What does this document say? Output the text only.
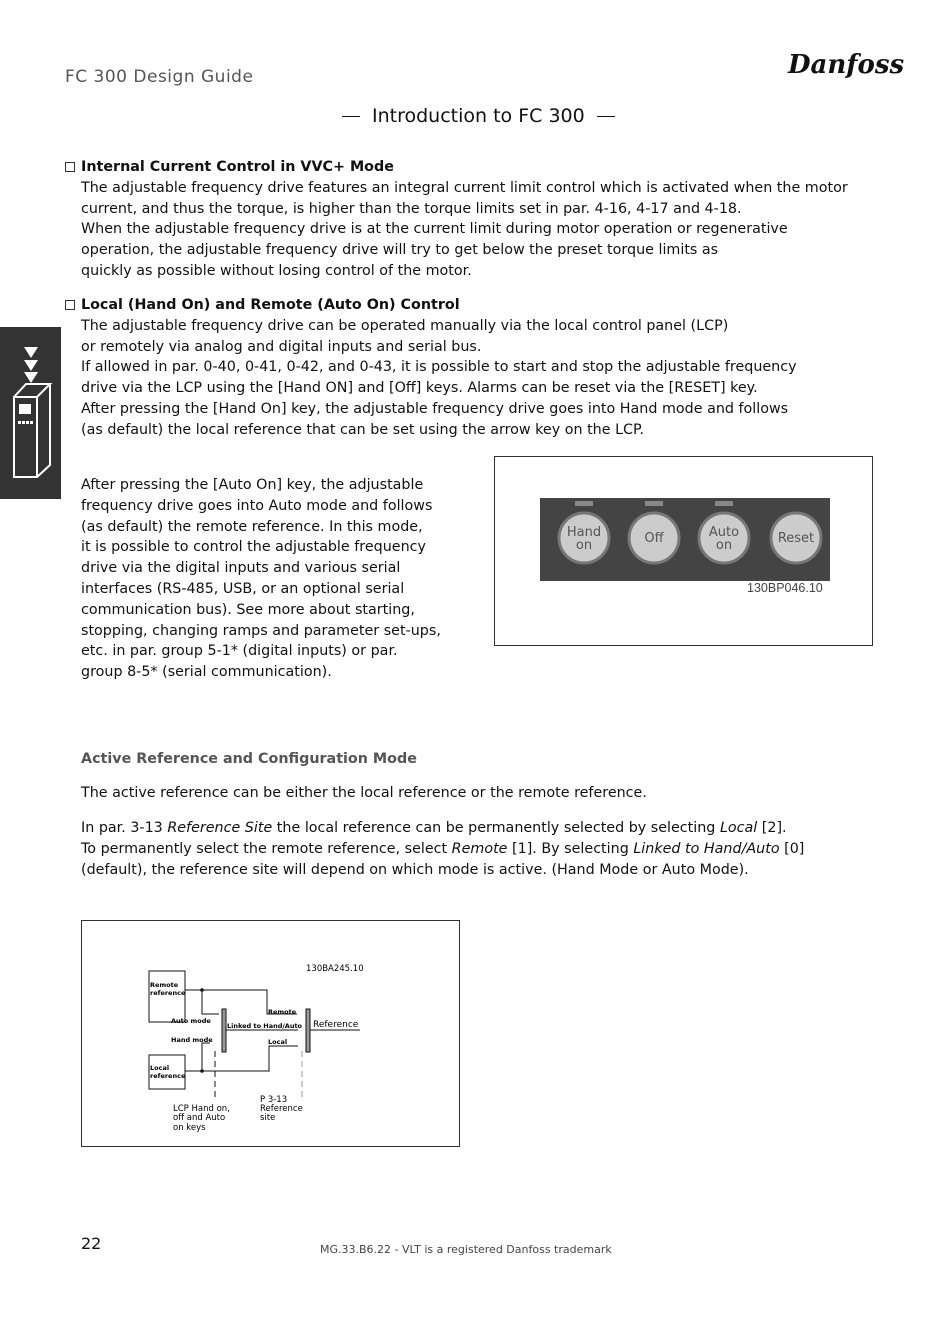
FC 300 Design Guide	Danfoss
Introduction to FC 300
Internal Current Control in VVC+ Mode
The adjustable frequency drive features an integral current limit control which is activated when the motor
current, and thus the torque, is higher than the torque limits set in par. 4-16, 4-17 and 4-18.
When the adjustable frequency drive is at the current limit during motor operation or regenerative
operation, the adjustable frequency drive will try to get below the preset torque limits as
quickly as possible without losing control of the motor.
Local (Hand On) and Remote (Auto On) Control
The adjustable frequency drive can be operated manually via the local control panel (LCP)
or remotely via analog and digital inputs and serial bus.
If allowed in par. 0-40, 0-41, 0-42, and 0-43, it is possible to start and stop the adjustable frequency
drive via the LCP using the [Hand ON] and [Off] keys. Alarms can be reset via the [RESET] key.
After pressing the [Hand On] key, the adjustable frequency drive goes into Hand mode and follows
(as default) the local reference that can be set using the arrow key on the LCP.
After pressing the [Auto On] key, the adjustable
frequency drive goes into Auto mode and follows
(as default) the remote reference. In this mode,
it is possible to control the adjustable frequency
drive via the digital inputs and various serial
interfaces (RS-485, USB, or an optional serial
communication bus). See more about starting,
stopping, changing ramps and parameter set-ups,
etc. in par. group 5-1* (digital inputs) or par.
group 8-5* (serial communication).
Hand
on	Off	Auto
on	Reset
130BP046.10
Active Reference and Configuration Mode
The active reference can be either the local reference or the remote reference.
In par. 3-13 Reference Site the local reference can be permanently selected by selecting Local [2].
To permanently select the remote reference, select Remote [1]. By selecting Linked to Hand/Auto [0]
(default), the reference site will depend on which mode is active. (Hand Mode or Auto Mode).
Remote
reference
Local
reference
Auto mode
Hand mode
Linked to Hand/Auto
Remote
Local
130BA245.10
Reference
LCP Hand on,
off and Auto
on keys
P 3-13
Reference
site
22	MG.33.B6.22 - VLT is a registered Danfoss trademark
